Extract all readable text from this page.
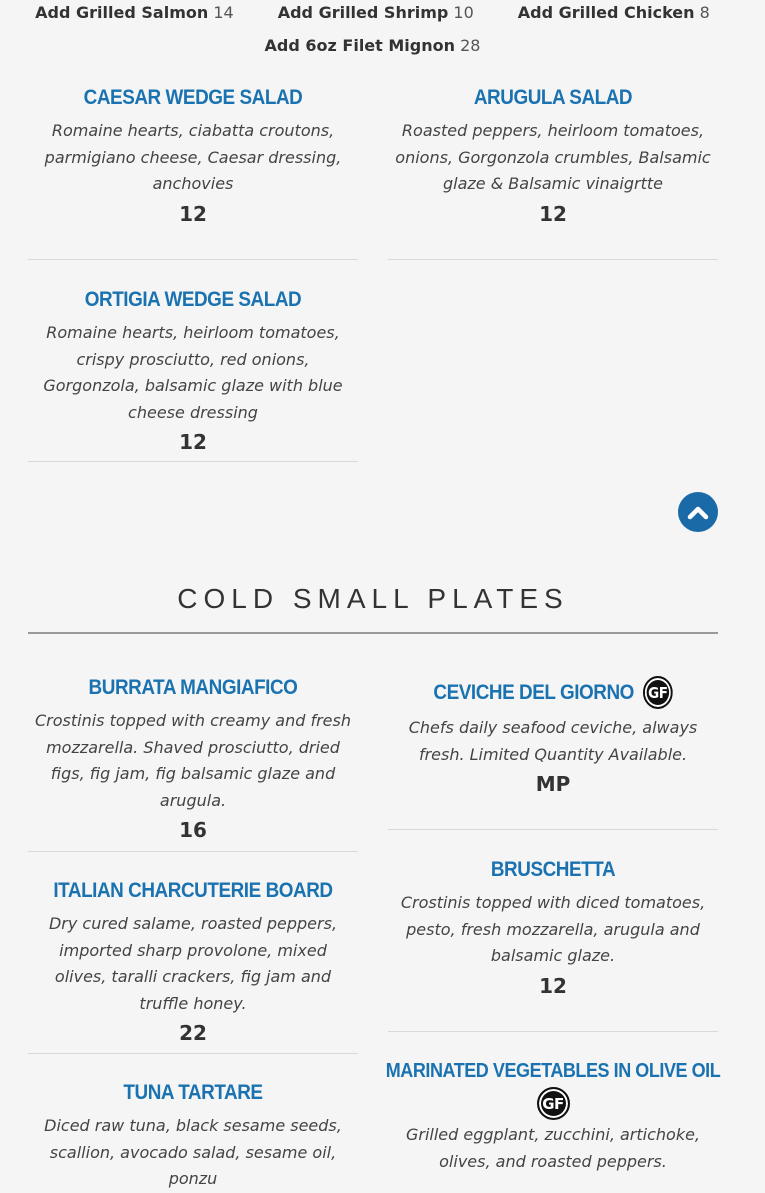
Add Grilled Salmon 14	Add Grilled Shrimp 10	Add Grilled Chicken 8
Add 6oz Filet Mignon 28
CAESAR WEDGE SALAD
Romaine hearts, ciabatta croutons, parmigiano cheese, Caesar dressing, anchovies
12
ARUGULA SALAD
Roasted peppers, heirloom tomatoes, onions, Gorgonzola crumbles, Balsamic glaze & Balsamic vinaigrtte
12
ORTIGIA WEDGE SALAD
Romaine hearts, heirloom tomatoes, crispy prosciutto, red onions, Gorgonzola, balsamic glaze with blue cheese dressing
12
COLD SMALL PLATES
BURRATA MANGIAFICO
Crostinis topped with creamy and fresh mozzarella. Shaved prosciutto, dried figs, fig jam, fig balsamic glaze and arugula.
16
CEVICHE DEL GIORNO GF
Chefs daily seafood ceviche, always fresh. Limited Quantity Available.
MP
ITALIAN CHARCUTERIE BOARD
Dry cured salame, roasted peppers, imported sharp provolone, mixed olives, taralli crackers, fig jam and truffle honey.
22
BRUSCHETTA
Crostinis topped with diced tomatoes, pesto, fresh mozzarella, arugula and balsamic glaze.
12
TUNA TARTARE
Diced raw tuna, black sesame seeds, scallion, avocado salad, sesame oil, ponzu
MARINATED VEGETABLES IN OLIVE OIL
GF
Grilled eggplant, zucchini, artichoke, olives, and roasted peppers.
